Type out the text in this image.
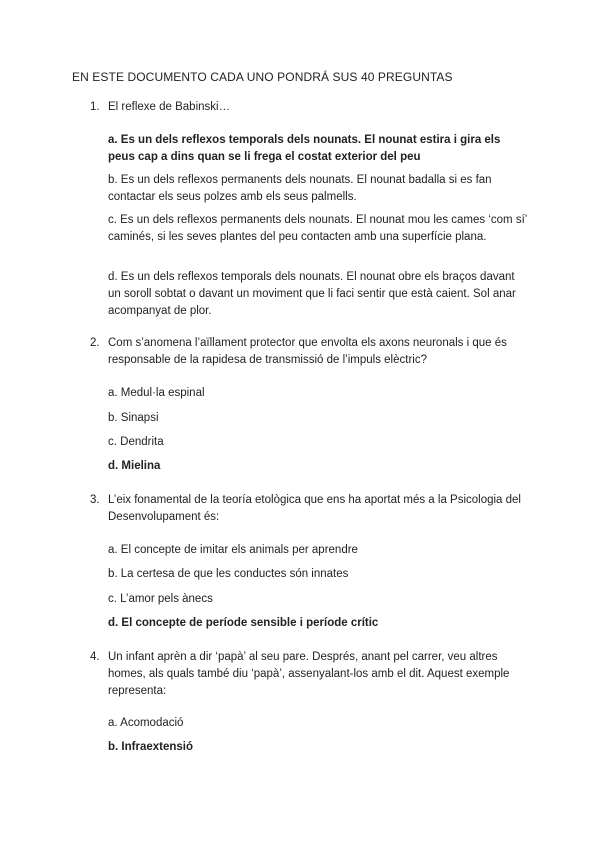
EN ESTE DOCUMENTO CADA UNO PONDRÁ SUS 40 PREGUNTAS
1. El reflexe de Babinski…
a. Es un dels reflexos temporals dels nounats. El nounat estira i gira els peus cap a dins quan se li frega el costat exterior del peu
b. Es un dels reflexos permanents dels nounats. El nounat badalla si es fan contactar els seus polzes amb els seus palmells.
c. Es un dels reflexos permanents dels nounats. El nounat mou les cames ‘com sí’ caminés, si les seves plantes del peu contacten amb una superfície plana.
d. Es un dels reflexos temporals dels nounats. El nounat obre els braços davant un soroll sobtat o davant un moviment que li faci sentir que està caient. Sol anar acompanyat de plor.
2. Com s’anomena l’aïllament protector que envolta els axons neuronals i que és responsable de la rapidesa de transmissió de l’impuls elèctric?
a. Medul·la espinal
b. Sinapsi
c. Dendrita
d. Mielina
3. L’eix fonamental de la teoría etològica que ens ha aportat més a la Psicologia del Desenvolupament és:
a. El concepte de imitar els animals per aprendre
b. La certesa de que les conductes són innates
c. L’amor pels ànecs
d. El concepte de període sensible i període crític
4. Un infant aprèn a dir ‘papà’ al seu pare. Després, anant pel carrer, veu altres homes, als quals també diu ‘papà’, assenyalant-los amb el dit. Aquest exemple representa:
a. Acomodació
b. Infraextensió
